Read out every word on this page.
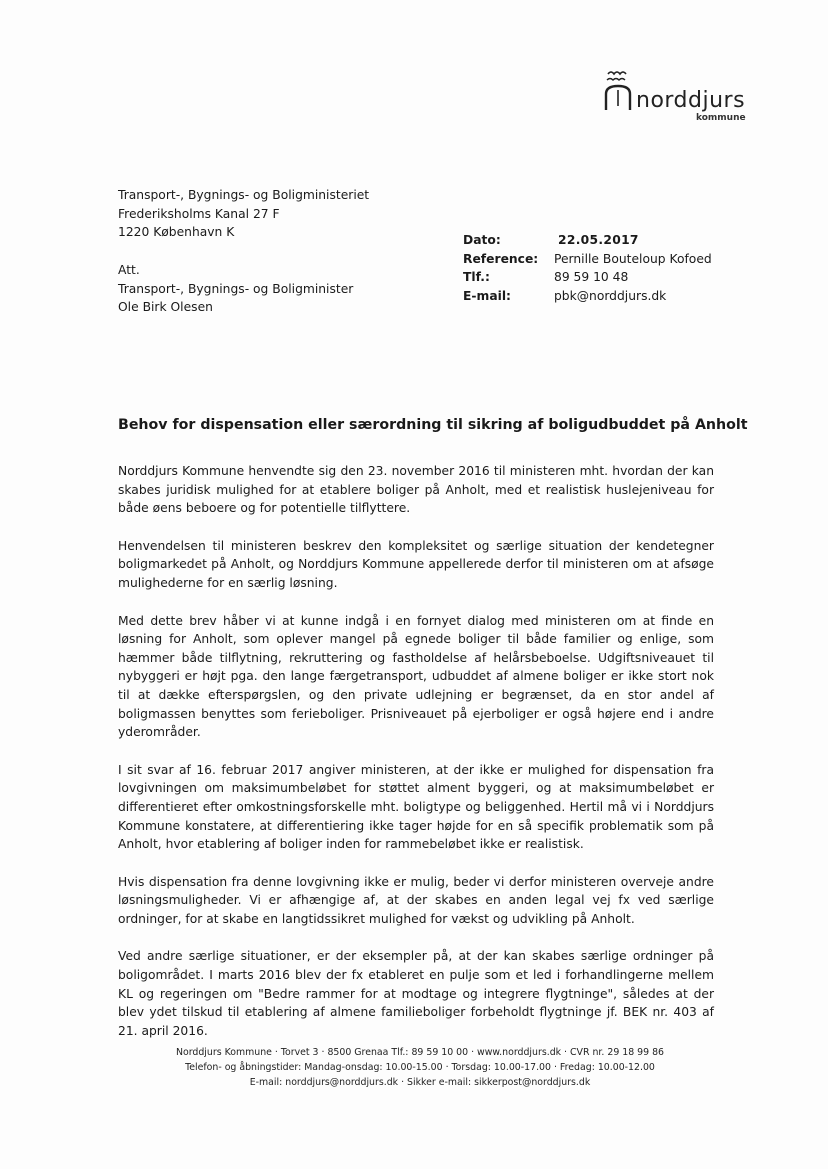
norddjurs
kommune
Transport-, Bygnings- og Boligministeriet
Frederiksholms Kanal 27 F
1220 København K
Att.
Transport-, Bygnings- og Boligminister
Ole Birk Olesen
Dato:	22.05.2017
Reference: Pernille Bouteloup Kofoed
Tlf.:	89 59 10 48
E-mail:	pbk@norddjurs.dk
Behov for dispensation eller særordning til sikring af boligudbuddet på Anholt

Norddjurs Kommune henvendte sig den 23. november 2016 til ministeren mht. hvordan der kan skabes juridisk mulighed for at etablere boliger på Anholt, med et realistisk huslejeniveau for både øens beboere og for potentielle tilflyttere.

Henvendelsen til ministeren beskrev den kompleksitet og særlige situation der kendetegner boligmarkedet på Anholt, og Norddjurs Kommune appellerede derfor til ministeren om at afsøge mulighederne for en særlig løsning.

Med dette brev håber vi at kunne indgå i en fornyet dialog med ministeren om at finde en løsning for Anholt, som oplever mangel på egnede boliger til både familier og enlige, som hæmmer både tilflytning, rekruttering og fastholdelse af helårsbeboelse. Udgiftsniveauet til nybyggeri er højt pga. den lange færgetransport, udbuddet af almene boliger er ikke stort nok til at dække efterspørgslen, og den private udlejning er begrænset, da en stor andel af boligmassen benyttes som ferieboliger. Prisniveauet på ejerboliger er også højere end i andre yderområder.

I sit svar af 16. februar 2017 angiver ministeren, at der ikke er mulighed for dispensation fra lovgivningen om maksimumbeløbet for støttet alment byggeri, og at maksimumbeløbet er differentieret efter omkostningsforskelle mht. boligtype og beliggenhed. Hertil må vi i Norddjurs Kommune konstatere, at differentiering ikke tager højde for en så specifik problematik som på Anholt, hvor etablering af boliger inden for rammebeløbet ikke er realistisk.

Hvis dispensation fra denne lovgivning ikke er mulig, beder vi derfor ministeren overveje andre løsningsmuligheder. Vi er afhængige af, at der skabes en anden legal vej fx ved særlige ordninger, for at skabe en langtidssikret mulighed for vækst og udvikling på Anholt.

Ved andre særlige situationer, er der eksempler på, at der kan skabes særlige ordninger på boligområdet. I marts 2016 blev der fx etableret en pulje som et led i forhandlingerne mellem KL og regeringen om "Bedre rammer for at modtage og integrere flygtninge", således at der blev ydet tilskud til etablering af almene familieboliger forbeholdt flygtninge jf. BEK nr. 403 af 21. april 2016.

Norddjurs Kommune · Torvet 3 · 8500 Grenaa Tlf.: 89 59 10 00 · www.norddjurs.dk · CVR nr. 29 18 99 86
Telefon- og åbningstider: Mandag-onsdag: 10.00-15.00 · Torsdag: 10.00-17.00 · Fredag: 10.00-12.00
E-mail: norddjurs@norddjurs.dk · Sikker e-mail: sikkerpost@norddjurs.dk
